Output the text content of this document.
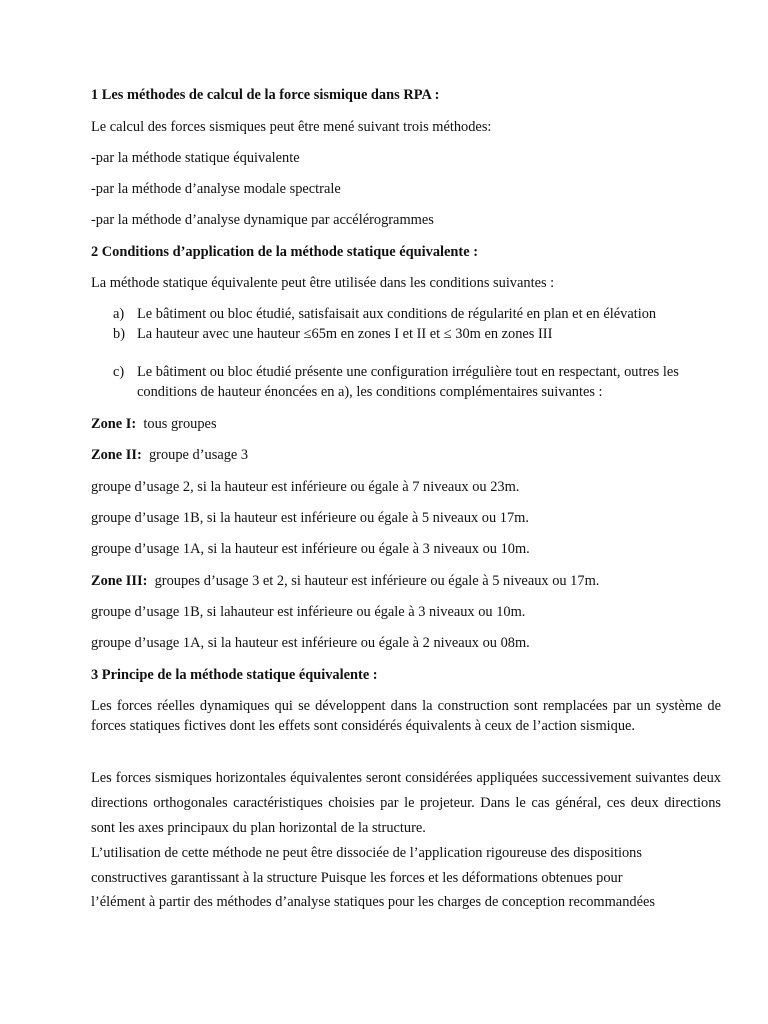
1 Les méthodes de calcul de la force sismique dans RPA :
Le calcul des forces sismiques peut être mené suivant trois méthodes:
-par la méthode statique équivalente
-par la méthode d’analyse modale spectrale
-par la méthode d’analyse dynamique par accélérogrammes
2 Conditions d’application de la méthode statique équivalente :
La méthode statique équivalente peut être utilisée dans les conditions suivantes :
a) Le bâtiment ou bloc étudié, satisfaisait aux conditions de régularité en plan et en élévation
b) La hauteur avec une hauteur ≤65m en zones I et II et ≤ 30m en zones III
c) Le bâtiment ou bloc étudié présente une configuration irrégulière tout en respectant, outres les conditions de hauteur énoncées en a), les conditions complémentaires suivantes :
Zone I: tous groupes
Zone II: groupe d’usage 3
groupe d’usage 2, si la hauteur est inférieure ou égale à 7 niveaux ou 23m.
groupe d’usage 1B, si la hauteur est inférieure ou égale à 5 niveaux ou 17m.
groupe d’usage 1A, si la hauteur est inférieure ou égale à 3 niveaux ou 10m.
Zone III: groupes d’usage 3 et 2, si hauteur est inférieure ou égale à 5 niveaux ou 17m.
groupe d’usage 1B, si lahauteur est inférieure ou égale à 3 niveaux ou 10m.
groupe d’usage 1A, si la hauteur est inférieure ou égale à 2 niveaux ou 08m.
3 Principe de la méthode statique équivalente :
Les forces réelles dynamiques qui se développent dans la construction sont remplacées par un système de forces statiques fictives dont les effets sont considérés équivalents à ceux de l’action sismique.
Les forces sismiques horizontales équivalentes seront considérées appliquées successivement suivantes deux directions orthogonales caractéristiques choisies par le projeteur. Dans le cas général, ces deux directions sont les axes principaux du plan horizontal de la structure.
L’utilisation de cette méthode ne peut être dissociée de l’application rigoureuse des dispositions
constructives garantissant à la structure Puisque les forces et les déformations obtenues pour
l’élément à partir des méthodes d’analyse statiques pour les charges de conception recommandées
